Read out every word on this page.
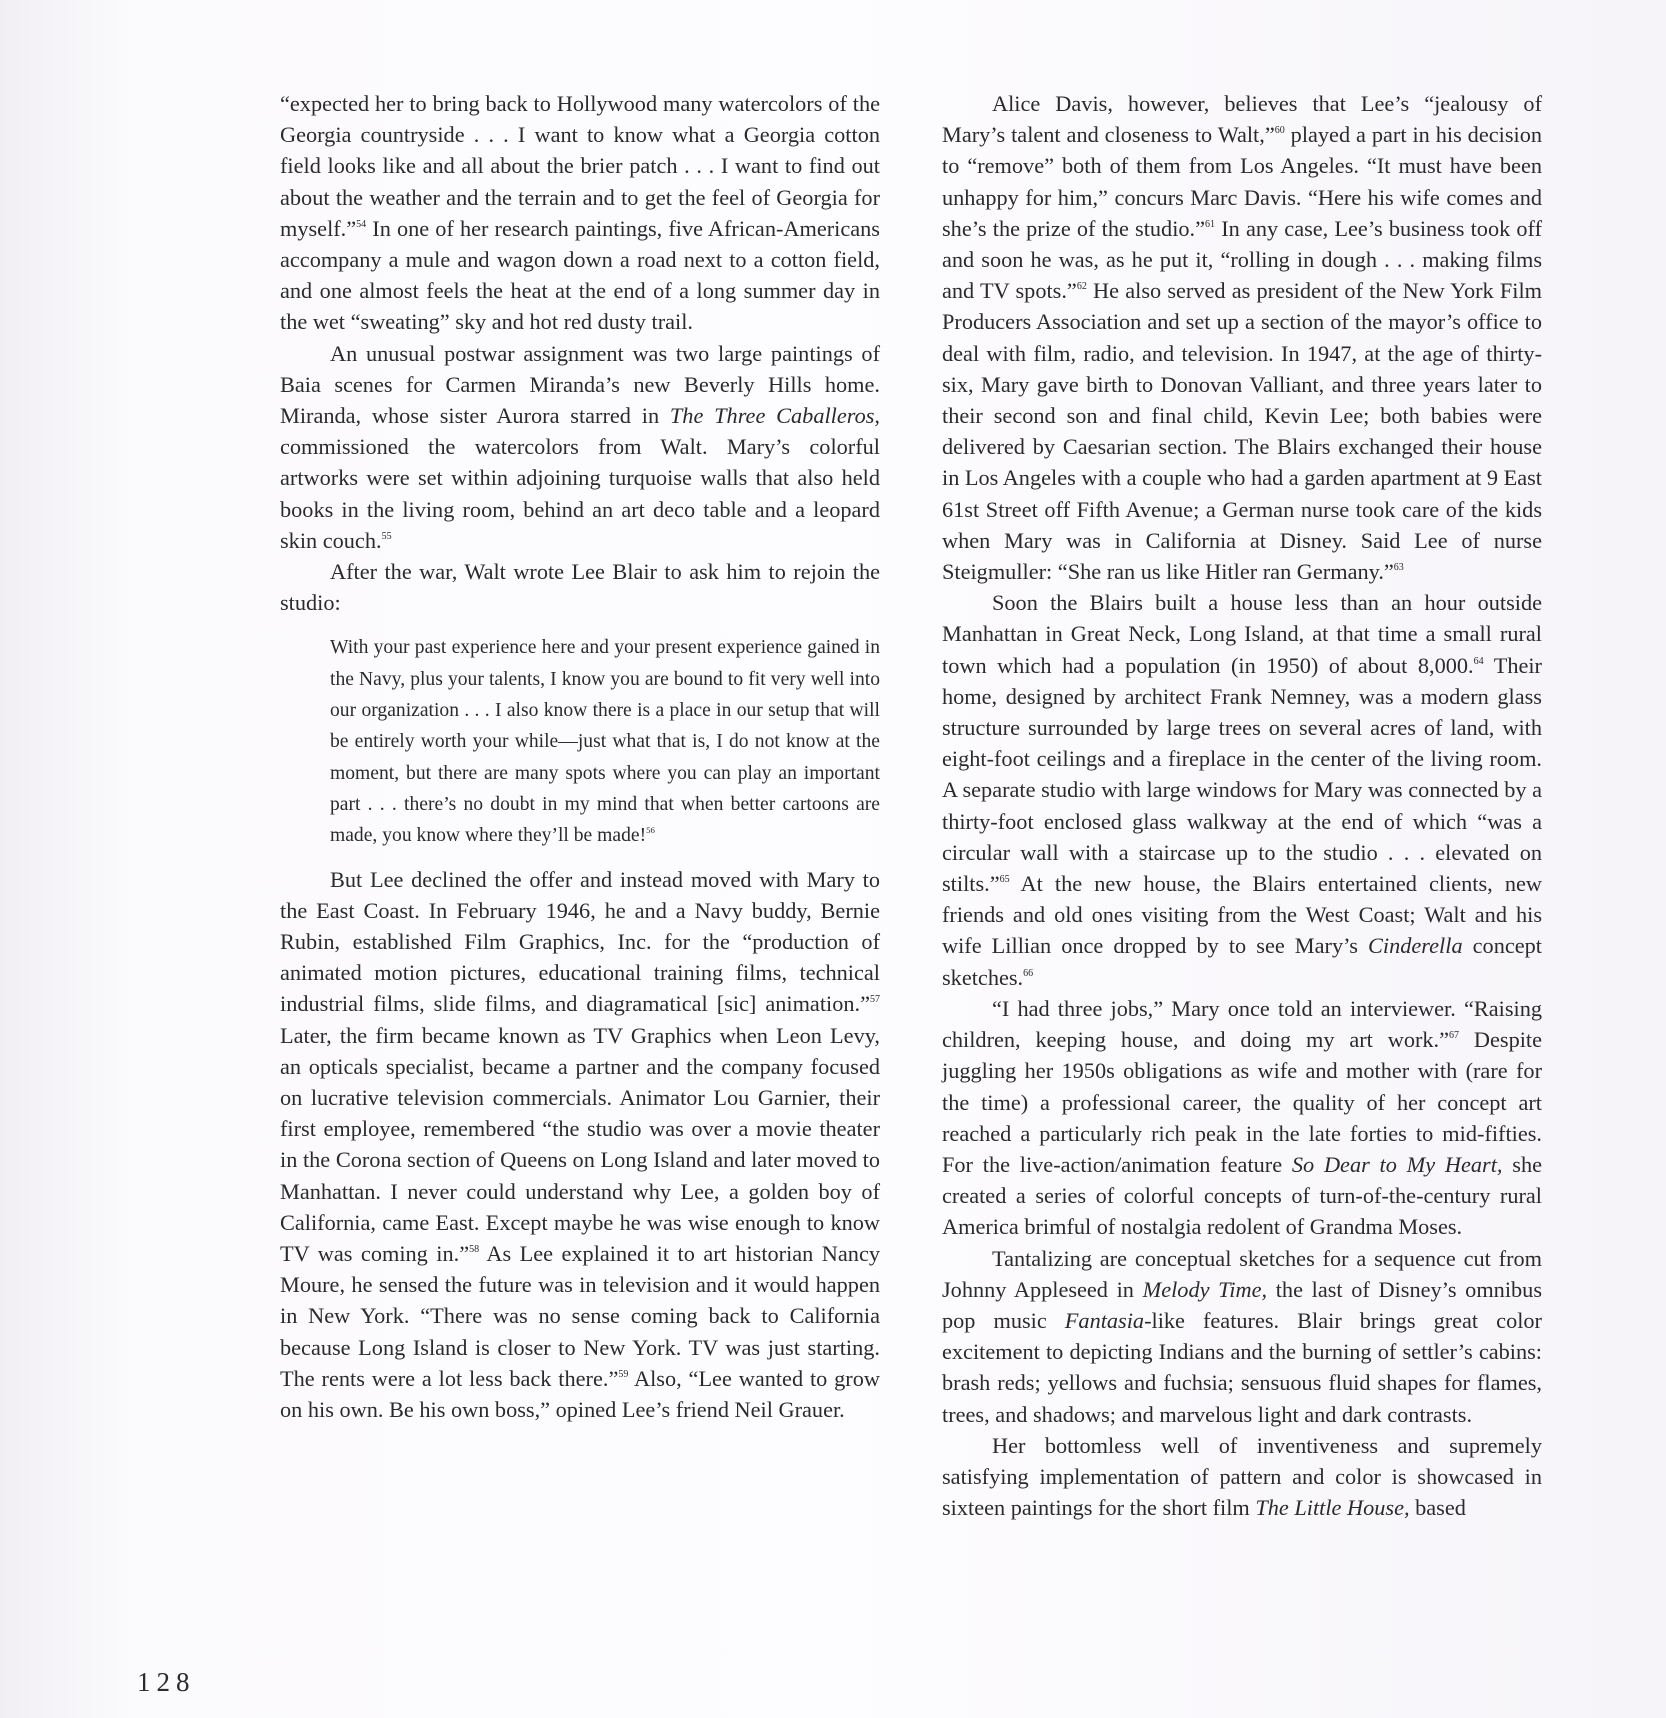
“expected her to bring back to Hollywood many watercolors of the Georgia countryside . . . I want to know what a Georgia cotton field looks like and all about the brier patch . . . I want to find out about the weather and the terrain and to get the feel of Georgia for myself.”$^{54}$ In one of her research paintings, five African-Americans accompany a mule and wagon down a road next to a cotton field, and one almost feels the heat at the end of a long summer day in the wet “sweating” sky and hot red dusty trail.

An unusual postwar assignment was two large paintings of Baia scenes for Carmen Miranda’s new Beverly Hills home. Miranda, whose sister Aurora starred in The Three Caballeros, commissioned the watercolors from Walt. Mary’s colorful artworks were set within adjoining turquoise walls that also held books in the living room, behind an art deco table and a leopard skin couch.$^{55}$

After the war, Walt wrote Lee Blair to ask him to rejoin the studio:

With your past experience here and your present experience gained in the Navy, plus your talents, I know you are bound to fit very well into our organization . . . I also know there is a place in our setup that will be entirely worth your while—just what that is, I do not know at the moment, but there are many spots where you can play an important part . . . there’s no doubt in my mind that when better cartoons are made, you know where they’ll be made!$^{56}$

But Lee declined the offer and instead moved with Mary to the East Coast. In February 1946, he and a Navy buddy, Bernie Rubin, established Film Graphics, Inc. for the “production of animated motion pictures, educational training films, technical industrial films, slide films, and diagramatical [sic] animation.”$^{57}$ Later, the firm became known as TV Graphics when Leon Levy, an opticals specialist, became a partner and the company focused on lucrative television commercials. Animator Lou Garnier, their first employee, remembered “the studio was over a movie theater in the Corona section of Queens on Long Island and later moved to Manhattan. I never could understand why Lee, a golden boy of California, came East. Except maybe he was wise enough to know TV was coming in.”$^{58}$ As Lee explained it to art historian Nancy Moure, he sensed the future was in television and it would happen in New York. “There was no sense coming back to California because Long Island is closer to New York. TV was just starting. The rents were a lot less back there.”$^{59}$ Also, “Lee wanted to grow on his own. Be his own boss,” opined Lee’s friend Neil Grauer.

Alice Davis, however, believes that Lee’s “jealousy of Mary’s talent and closeness to Walt,”$^{60}$ played a part in his decision to “remove” both of them from Los Angeles. “It must have been unhappy for him,” concurs Marc Davis. “Here his wife comes and she’s the prize of the studio.”$^{61}$ In any case, Lee’s business took off and soon he was, as he put it, “rolling in dough . . . making films and TV spots.”$^{62}$ He also served as president of the New York Film Producers Association and set up a section of the mayor’s office to deal with film, radio, and television. In 1947, at the age of thirty-six, Mary gave birth to Donovan Valliant, and three years later to their second son and final child, Kevin Lee; both babies were delivered by Caesarian section. The Blairs exchanged their house in Los Angeles with a couple who had a garden apartment at 9 East 61st Street off Fifth Avenue; a German nurse took care of the kids when Mary was in California at Disney. Said Lee of nurse Steigmuller: “She ran us like Hitler ran Germany.”$^{63}$

Soon the Blairs built a house less than an hour outside Manhattan in Great Neck, Long Island, at that time a small rural town which had a population (in 1950) of about 8,000.64 Their home, designed by architect Frank Nemney, was a modern glass structure surrounded by large trees on several acres of land, with eight-foot ceilings and a fireplace in the center of the living room. A separate studio with large windows for Mary was connected by a thirty-foot enclosed glass walkway at the end of which “was a circular wall with a staircase up to the studio . . . elevated on stilts.”$^{65}$ At the new house, the Blairs entertained clients, new friends and old ones visiting from the West Coast; Walt and his wife Lillian once dropped by to see Mary’s Cinderella concept sketches.$^{66}$

“I had three jobs,” Mary once told an interviewer. “Raising children, keeping house, and doing my art work.”$^{67}$ Despite juggling her 1950s obligations as wife and mother with (rare for the time) a professional career, the quality of her concept art reached a particularly rich peak in the late forties to mid-fifties. For the live-action/animation feature So Dear to My Heart, she created a series of colorful concepts of turn-of-the-century rural America brimful of nostalgia redolent of Grandma Moses.

Tantalizing are conceptual sketches for a sequence cut from Johnny Appleseed in Melody Time, the last of Disney’s omnibus pop music Fantasia-like features. Blair brings great color excitement to depicting Indians and the burning of settler’s cabins: brash reds; yellows and fuchsia; sensuous fluid shapes for flames, trees, and shadows; and marvelous light and dark contrasts.

Her bottomless well of inventiveness and supremely satisfying implementation of pattern and color is showcased in sixteen paintings for the short film The Little House, based

128
